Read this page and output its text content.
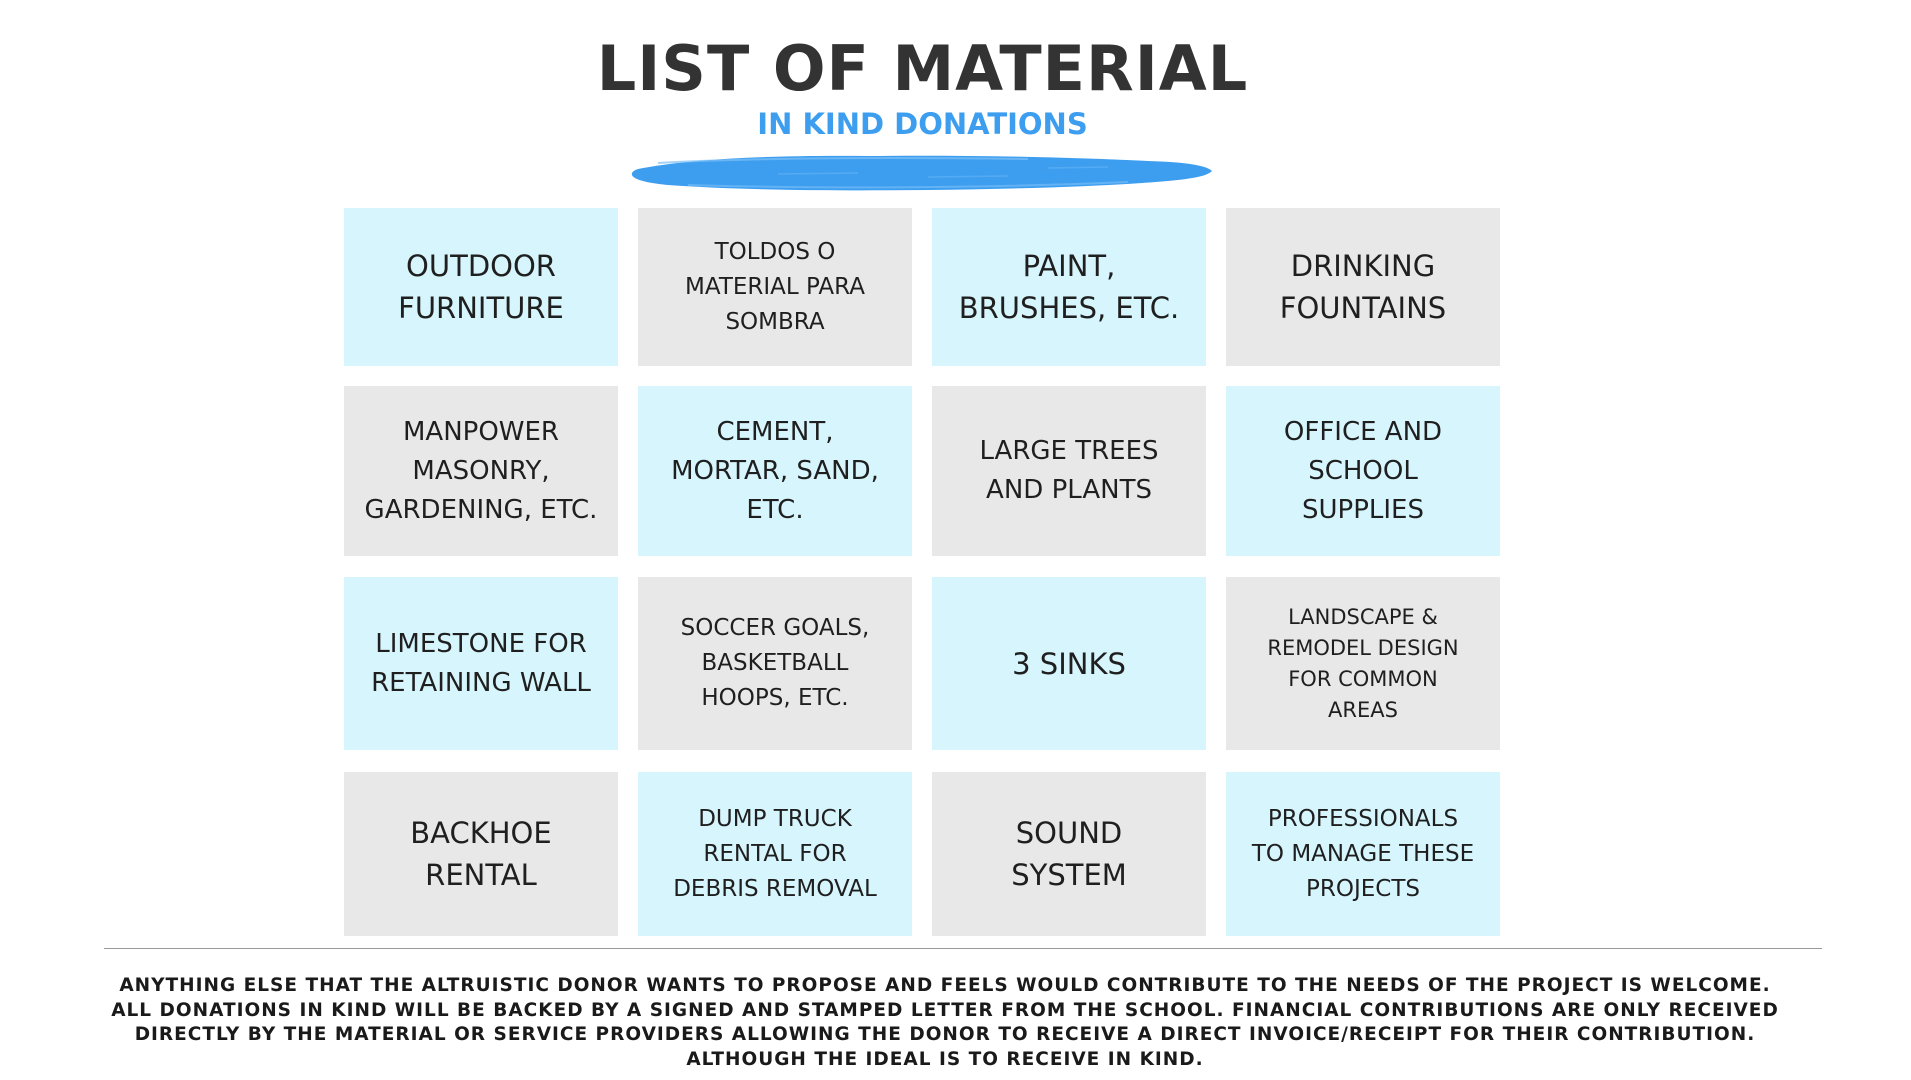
LIST OF MATERIAL
IN KIND DONATIONS
OUTDOOR
FURNITURE
TOLDOS O
MATERIAL PARA
SOMBRA
PAINT,
BRUSHES, ETC.
DRINKING
FOUNTAINS
MANPOWER
MASONRY,
GARDENING, ETC.
CEMENT,
MORTAR, SAND,
ETC.
LARGE TREES
AND PLANTS
OFFICE AND
SCHOOL
SUPPLIES
LIMESTONE FOR
RETAINING WALL
SOCCER GOALS,
BASKETBALL
HOOPS, ETC.
3 SINKS
LANDSCAPE &
REMODEL DESIGN
FOR COMMON
AREAS
BACKHOE
RENTAL
DUMP TRUCK
RENTAL FOR
DEBRIS REMOVAL
SOUND
SYSTEM
PROFESSIONALS
TO MANAGE THESE
PROJECTS
ANYTHING ELSE THAT THE ALTRUISTIC DONOR WANTS TO PROPOSE AND FEELS WOULD CONTRIBUTE TO THE NEEDS OF THE PROJECT IS WELCOME.
ALL DONATIONS IN KIND WILL BE BACKED BY A SIGNED AND STAMPED LETTER FROM THE SCHOOL. FINANCIAL CONTRIBUTIONS ARE ONLY RECEIVED
DIRECTLY BY THE MATERIAL OR SERVICE PROVIDERS ALLOWING THE DONOR TO RECEIVE A DIRECT INVOICE/RECEIPT FOR THEIR CONTRIBUTION.
ALTHOUGH THE IDEAL IS TO RECEIVE IN KIND.
